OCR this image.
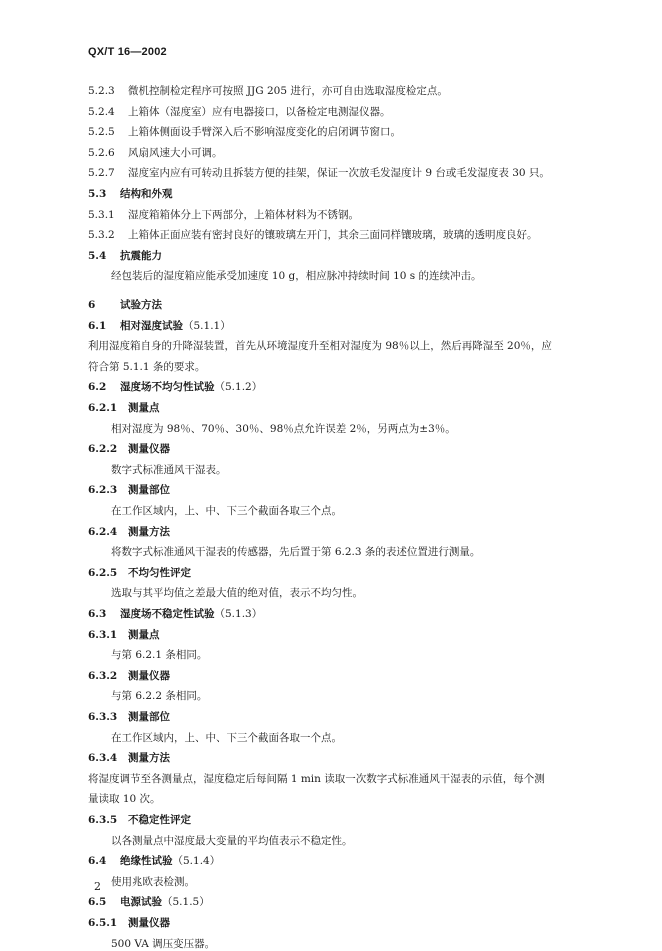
QX/T 16—2002
5.2.3 微机控制检定程序可按照 JJG 205 进行，亦可自由选取湿度检定点。
5.2.4 上箱体（湿度室）应有电器接口，以备检定电测湿仪器。
5.2.5 上箱体侧面设手臂深入后不影响湿度变化的启闭调节窗口。
5.2.6 风扇风速大小可调。
5.2.7 湿度室内应有可转动且拆装方便的挂架，保证一次放毛发湿度计 9 台或毛发湿度表 30 只。
5.3 结构和外观
5.3.1 湿度箱箱体分上下两部分，上箱体材料为不锈钢。
5.3.2 上箱体正面应装有密封良好的镶玻璃左开门，其余三面同样镶玻璃，玻璃的透明度良好。
5.4 抗震能力
经包装后的湿度箱应能承受加速度 10 g，相应脉冲持续时间 10 s 的连续冲击。
6 试验方法
6.1 相对湿度试验（5.1.1）
利用湿度箱自身的升降湿装置，首先从环境湿度升至相对湿度为 98％以上，然后再降湿至 20％，应
符合第 5.1.1 条的要求。
6.2 湿度场不均匀性试验（5.1.2）
6.2.1 测量点
相对湿度为 98％、70％、30％、98％点允许误差 2％，另两点为±3％。
6.2.2 测量仪器
数字式标准通风干湿表。
6.2.3 测量部位
在工作区域内，上、中、下三个截面各取三个点。
6.2.4 测量方法
将数字式标准通风干湿表的传感器，先后置于第 6.2.3 条的表述位置进行测量。
6.2.5 不均匀性评定
选取与其平均值之差最大值的绝对值，表示不均匀性。
6.3 湿度场不稳定性试验（5.1.3）
6.3.1 测量点
与第 6.2.1 条相同。
6.3.2 测量仪器
与第 6.2.2 条相同。
6.3.3 测量部位
在工作区域内，上、中、下三个截面各取一个点。
6.3.4 测量方法
将湿度调节至各测量点，湿度稳定后每间隔 1 min 读取一次数字式标准通风干湿表的示值，每个测
量读取 10 次。
6.3.5 不稳定性评定
以各测量点中湿度最大变量的平均值表示不稳定性。
6.4 绝缘性试验（5.1.4）
使用兆欧表检测。
6.5 电源试验（5.1.5）
6.5.1 测量仪器
500 VA 调压变压器。
2
